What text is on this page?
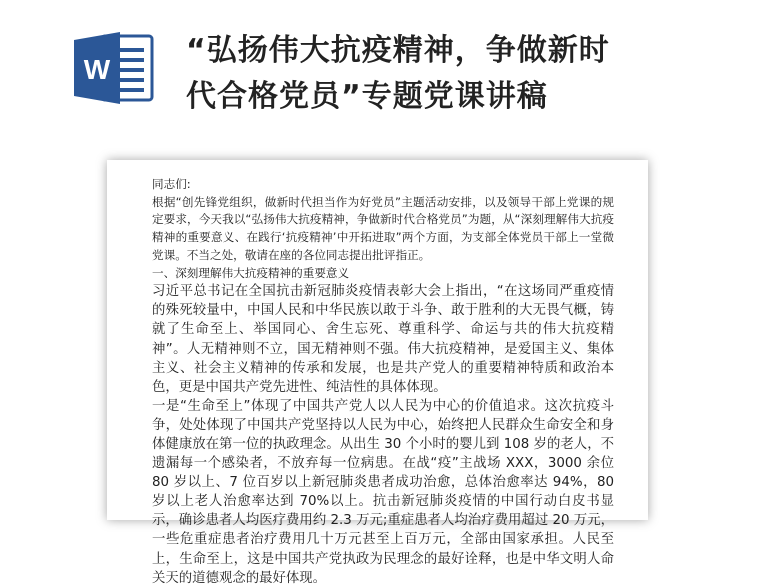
W
“弘扬伟大抗疫精神，争做新时
代合格党员”专题党课讲稿

同志们:

根据“创先锋党组织，做新时代担当作为好党员”主题活动安排，以及领导干部上党课的规定要求，今天我以“弘扬伟大抗疫精神，争做新时代合格党员”为题，从“深刻理解伟大抗疫精神的重要意义、在践行‘抗疫精神’中开拓进取”两个方面，为支部全体党员干部上一堂微党课。不当之处，敬请在座的各位同志提出批评指正。

一、深刻理解伟大抗疫精神的重要意义

习近平总书记在全国抗击新冠肺炎疫情表彰大会上指出，“在这场同严重疫情的殊死较量中，中国人民和中华民族以敢于斗争、敢于胜利的大无畏气概，铸就了生命至上、举国同心、舍生忘死、尊重科学、命运与共的伟大抗疫精神”。人无精神则不立，国无精神则不强。伟大抗疫精神，是爱国主义、集体主义、社会主义精神的传承和发展，也是共产党人的重要精神特质和政治本色，更是中国共产党先进性、纯洁性的具体体现。

一是“生命至上”体现了中国共产党人以人民为中心的价值追求。这次抗疫斗争，处处体现了中国共产党坚持以人民为中心，始终把人民群众生命安全和身体健康放在第一位的执政理念。从出生 30 个小时的婴儿到 108 岁的老人，不遗漏每一个感染者，不放弃每一位病患。在战“疫”主战场 XXX，3000 余位 80 岁以上、7 位百岁以上新冠肺炎患者成功治愈，总体治愈率达 94%，80 岁以上老人治愈率达到 70%以上。抗击新冠肺炎疫情的中国行动白皮书显示，确诊患者人均医疗费用约 2.3 万元;重症患者人均治疗费用超过 20 万元，一些危重症患者治疗费用几十万元甚至上百万元，全部由国家承担。人民至上，生命至上，这是中国共产党执政为民理念的最好诠释，也是中华文明人命关天的道德观念的最好体现。
